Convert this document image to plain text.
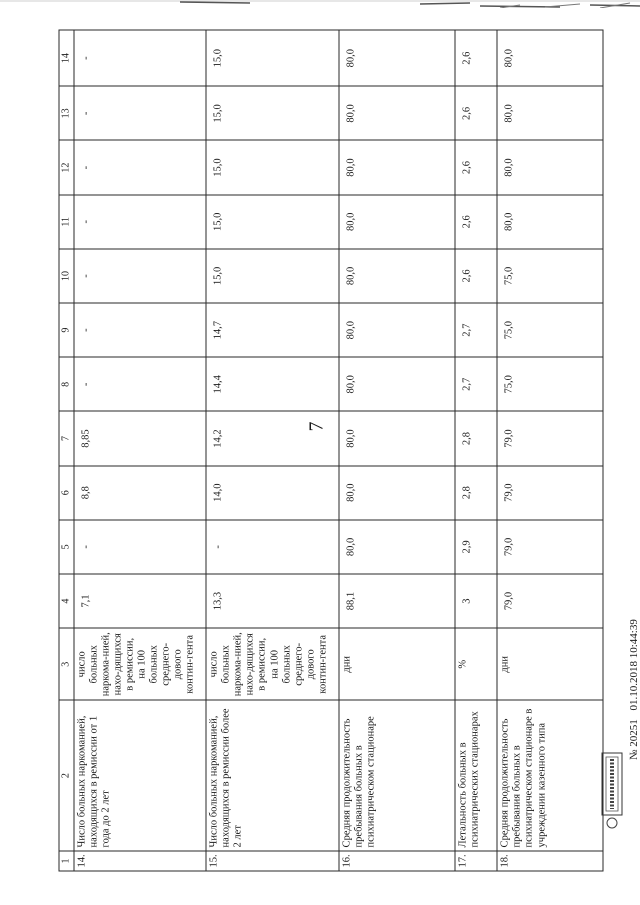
7
1	2	3	4	5	6	7	8	9	10	11	12	13	14
14.	Число больных наркоманией, находящихся в ремиссии от 1 года до 2 лет	число больных наркома-нией, нахо-дящихся в ремиссии, на 100 больных среднего-дового контин-гента	7,1	-	8,8	8,85	-	-	-	-	-	-	-
15.	Число больных наркоманией, находящихся в ремиссии более 2 лет	число больных наркома-нией, нахо-дящихся в ремиссии, на 100 больных среднего-дового контин-гента	13,3	-	14,0	14,2	14,4	14,7	15,0	15,0	15,0	15,0	15,0
16.	Средняя продолжительность пребывания больных в психиатрическом стационаре	дни	88,1	80,0	80,0	80,0	80,0	80,0	80,0	80,0	80,0	80,0	80,0
17.	Летальность больных в психиатрических стационарах	%	3	2,9	2,8	2,8	2,7	2,7	2,6	2,6	2,6	2,6	2,6
18.	Средняя продолжительность пребывания больных в психиатрическом стационаре в учреждении казенного типа	дни	79,0	79,0	79,0	79,0	75,0	75,0	75,0	80,0	80,0	80,0	80,0
№ 20251 01.10.2018 10:44:39
